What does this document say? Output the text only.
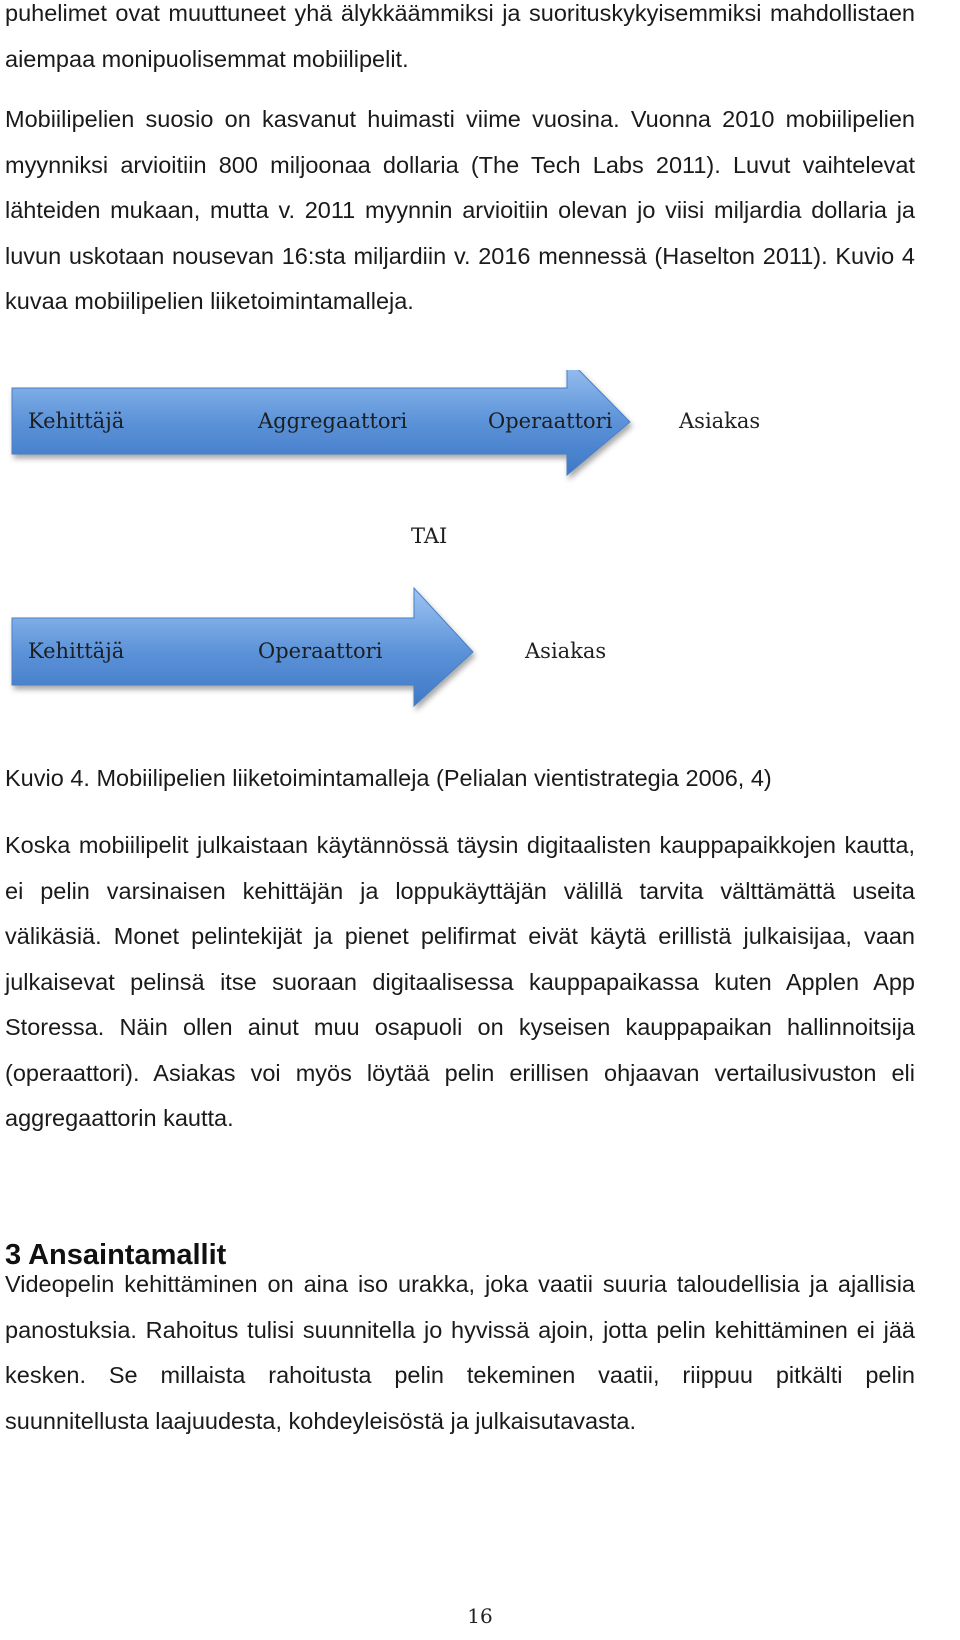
puhelimet ovat muuttuneet yhä älykkäämmiksi ja suorituskykyisemmiksi mahdollistaen aiempaa monipuolisemmat mobiilipelit.

Mobiilipelien suosio on kasvanut huimasti viime vuosina. Vuonna 2010 mobiilipelien myynniksi arvioitiin 800 miljoonaa dollaria (The Tech Labs 2011). Luvut vaihtelevat lähteiden mukaan, mutta v. 2011 myynnin arvioitiin olevan jo viisi miljardia dollaria ja luvun uskotaan nousevan 16:sta miljardiin v. 2016 mennessä (Haselton 2011). Kuvio 4 kuvaa mobiilipelien liiketoimintamalleja.

Kehittäjä	Aggregaattori	Operaattori	Asiakas
TAI
Kehittäjä	Operaattori	Asiakas

Kuvio 4. Mobiilipelien liiketoimintamalleja (Pelialan vientistrategia 2006, 4)

Koska mobiilipelit julkaistaan käytännössä täysin digitaalisten kauppapaikkojen kautta, ei pelin varsinaisen kehittäjän ja loppukäyttäjän välillä tarvita välttämättä useita välikäsiä. Monet pelintekijät ja pienet pelifirmat eivät käytä erillistä julkaisijaa, vaan julkaisevat pelinsä itse suoraan digitaalisessa kauppapaikassa kuten Applen App Storessa. Näin ollen ainut muu osapuoli on kyseisen kauppapaikan hallinnoitsija (operaattori). Asiakas voi myös löytää pelin erillisen ohjaavan vertailusivuston eli aggregaattorin kautta.

3 Ansaintamallit

Videopelin kehittäminen on aina iso urakka, joka vaatii suuria taloudellisia ja ajallisia panostuksia. Rahoitus tulisi suunnitella jo hyvissä ajoin, jotta pelin kehittäminen ei jää kesken. Se millaista rahoitusta pelin tekeminen vaatii, riippuu pitkälti pelin suunnitellusta laajuudesta, kohdeyleisöstä ja julkaisutavasta.

16
